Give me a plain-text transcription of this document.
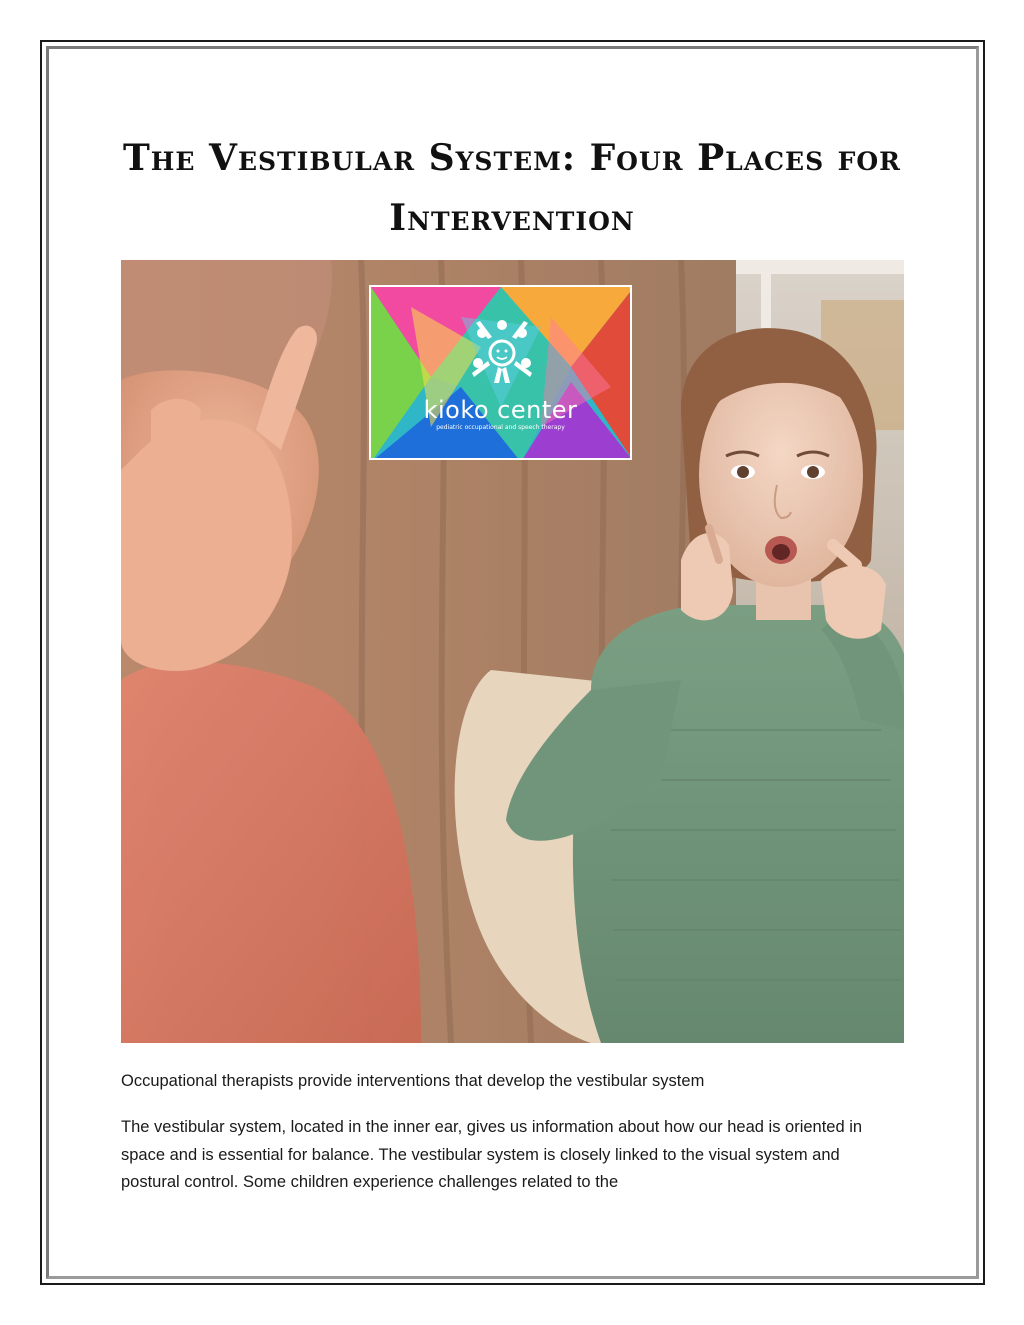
The Vestibular System: Four Places for Intervention
kioko center
pediatric occupational and speech therapy

Occupational therapists provide interventions that develop the vestibular system

The vestibular system, located in the inner ear, gives us information about how our head is oriented in space and is essential for balance. The vestibular system is closely linked to the visual system and postural control. Some children experience challenges related to the
